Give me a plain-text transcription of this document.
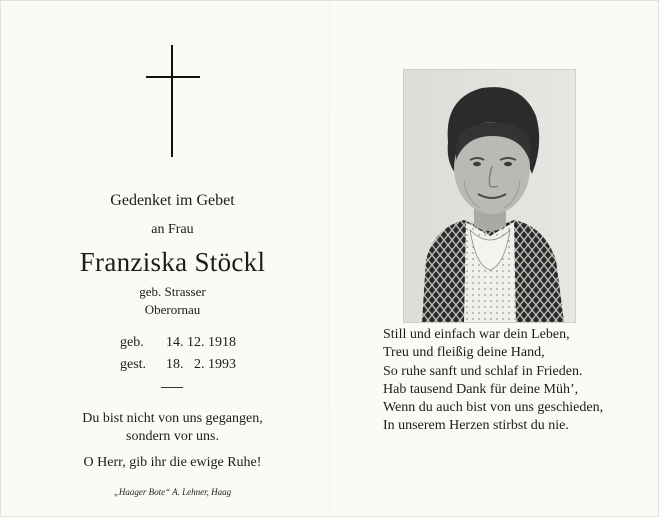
Gedenket im Gebet
an Frau
Franziska Stöckl
geb. Strasser
Oberornau
geb. 14. 12. 1918
gest. 18.   2. 1993
Du bist nicht von uns gegangen,
sondern vor uns.
O Herr, gib ihr die ewige Ruhe!
„Haager Bote“ A. Lehner, Haag
Still und einfach war dein Leben,
Treu und fleißig deine Hand,
So ruhe sanft und schlaf in Frieden.
Hab tausend Dank für deine Müh’,
Wenn du auch bist von uns geschieden,
In unserem Herzen stirbst du nie.
